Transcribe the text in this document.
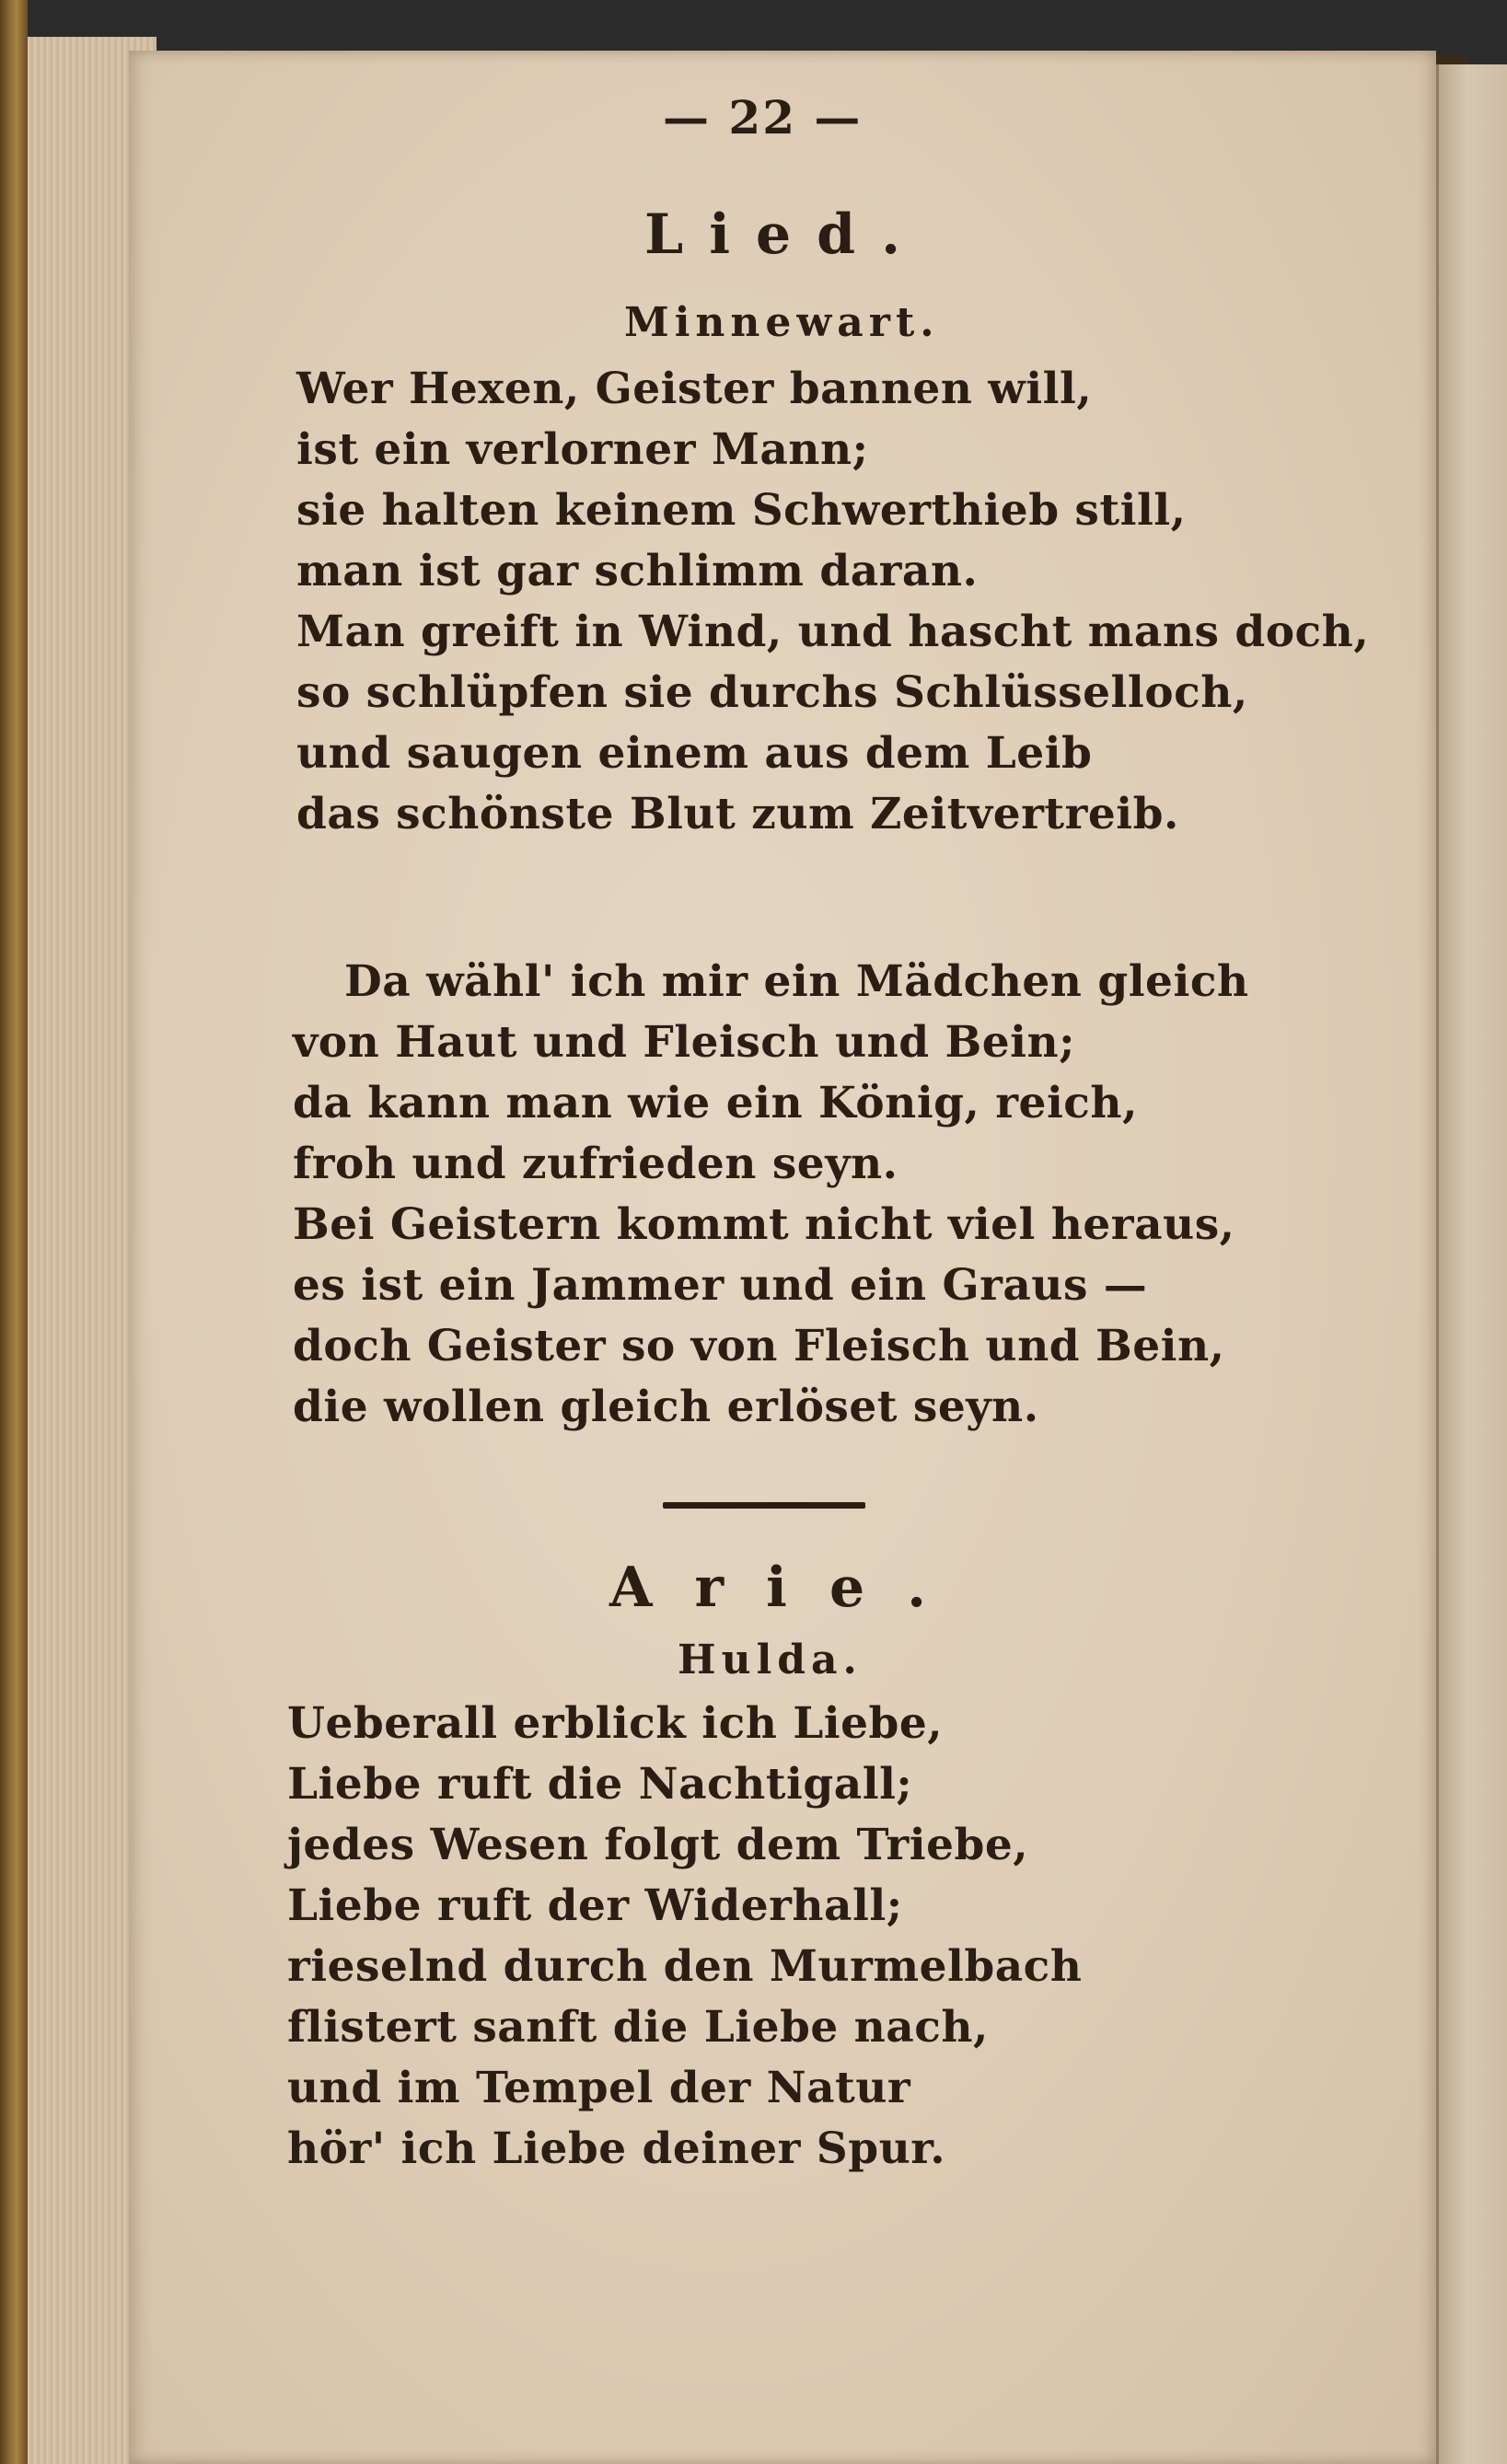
— 22 —
Lied.
Minnewart.
Wer Hexen, Geister bannen will,
ist ein verlorner Mann;
sie halten keinem Schwerthieb still,
man ist gar schlimm daran.
Man greift in Wind, und hascht mans doch,
so schlüpfen sie durchs Schlüsselloch,
und saugen einem aus dem Leib
das schönste Blut zum Zeitvertreib.
Da wähl' ich mir ein Mädchen gleich
von Haut und Fleisch und Bein;
da kann man wie ein König, reich,
froh und zufrieden seyn.
Bei Geistern kommt nicht viel heraus,
es ist ein Jammer und ein Graus —
doch Geister so von Fleisch und Bein,
die wollen gleich erlöset seyn.
Arie.
Hulda.
Ueberall erblick ich Liebe,
Liebe ruft die Nachtigall;
jedes Wesen folgt dem Triebe,
Liebe ruft der Widerhall;
rieselnd durch den Murmelbach
flistert sanft die Liebe nach,
und im Tempel der Natur
hör' ich Liebe deiner Spur.
